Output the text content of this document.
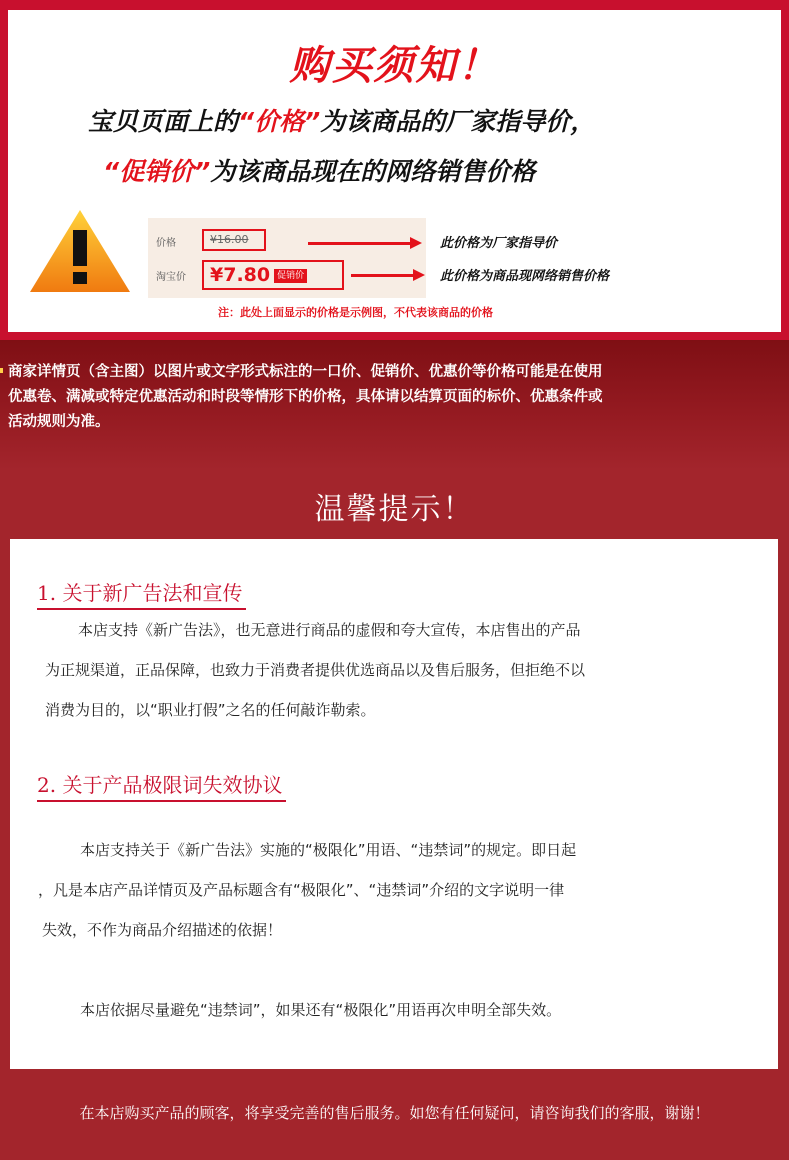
购买须知！
宝贝页面上的“价格”为该商品的厂家指导价，
“促销价”为该商品现在的网络销售价格
价格	¥16.00
淘宝价	¥7.80 促销价
此价格为厂家指导价
此价格为商品现网络销售价格
注：此处上面显示的价格是示例图，不代表该商品的价格
商家详情页（含主图）以图片或文字形式标注的一口价、促销价、优惠价等价格可能是在使用
优惠卷、满减或特定优惠活动和时段等情形下的价格，具体请以结算页面的标价、优惠条件或
活动规则为准。
温馨提示！
1. 关于新广告法和宣传
本店支持《新广告法》，也无意进行商品的虚假和夸大宣传，本店售出的产品
为正规渠道，正品保障，也致力于消费者提供优选商品以及售后服务，但拒绝不以
消费为目的，以“职业打假”之名的任何敲诈勒索。
2. 关于产品极限词失效协议
本店支持关于《新广告法》实施的“极限化”用语、“违禁词”的规定。即日起
，凡是本店产品详情页及产品标题含有“极限化”、“违禁词”介绍的文字说明一律
失效，不作为商品介绍描述的依据！
本店依据尽量避免“违禁词”，如果还有“极限化”用语再次申明全部失效。
在本店购买产品的顾客，将享受完善的售后服务。如您有任何疑问，请咨询我们的客服，谢谢！
